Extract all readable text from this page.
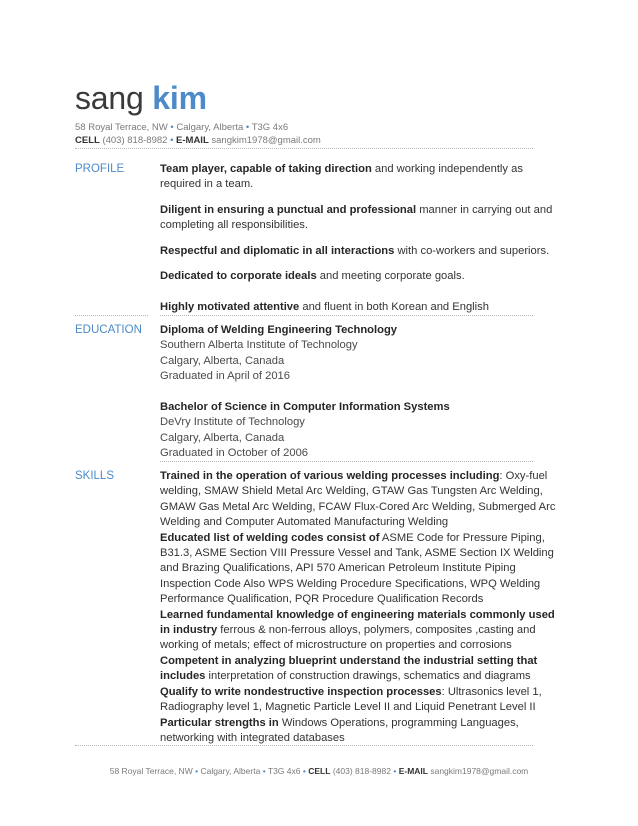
sang kim
58 Royal Terrace, NW • Calgary, Alberta • T3G 4x6
CELL (403) 818-8982 • E-MAIL sangkim1978@gmail.com
PROFILE	Team player, capable of taking direction and working independently as required in a team.

Diligent in ensuring a punctual and professional manner in carrying out and completing all responsibilities.

Respectful and diplomatic in all interactions with co-workers and superiors.

Dedicated to corporate ideals and meeting corporate goals.

Highly motivated attentive and fluent in both Korean and English

EDUCATION Diploma of Welding Engineering Technology
Southern Alberta Institute of Technology
Calgary, Alberta, Canada
Graduated in April of 2016
Bachelor of Science in Computer Information Systems
DeVry Institute of Technology
Calgary, Alberta, Canada
Graduated in October of 2006
SKILLS	Trained in the operation of various welding processes including: Oxy-fuel welding, SMAW Shield Metal Arc Welding, GTAW Gas Tungsten Arc Welding, GMAW Gas Metal Arc Welding, FCAW Flux-Cored Arc Welding, Submerged Arc Welding and Computer Automated Manufacturing Welding

Educated list of welding codes consist of ASME Code for Pressure Piping, B31.3, ASME Section VIII Pressure Vessel and Tank, ASME Section IX Welding and Brazing Qualifications, API 570 American Petroleum Institute Piping Inspection Code Also WPS Welding Procedure Specifications, WPQ Welding Performance Qualification, PQR Procedure Qualification Records

Learned fundamental knowledge of engineering materials commonly used in industry ferrous & non-ferrous alloys, polymers, composites ,casting and working of metals; effect of microstructure on properties and corrosions

Competent in analyzing blueprint understand the industrial setting that includes interpretation of construction drawings, schematics and diagrams

Qualify to write nondestructive inspection processes: Ultrasonics level 1, Radiography level 1, Magnetic Particle Level II and Liquid Penetrant Level II

Particular strengths in Windows Operations, programming Languages, networking with integrated databases

58 Royal Terrace, NW • Calgary, Alberta • T3G 4x6 • CELL (403) 818-8982 • E-MAIL sangkim1978@gmail.com
